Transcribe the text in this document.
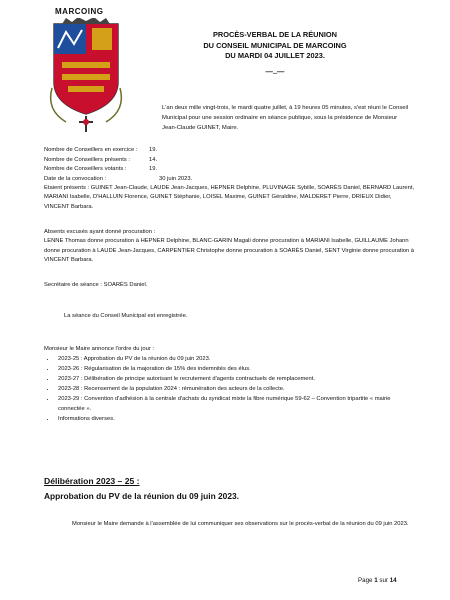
MARCOING
PROCÈS-VERBAL DE LA RÉUNION
DU CONSEIL MUNICIPAL DE MARCOING
DU MARDI 04 JUILLET 2023.
—..—
L'an deux mille vingt-trois, le mardi quatre juillet, à 19 heures 05 minutes, s'est réuni le Conseil Municipal pour une session ordinaire en séance publique, sous la présidence de Monsieur Jean-Claude GUINET, Maire.
Nombre de Conseillers en exercice : 19.
Nombre de Conseillers présents :	14.
Nombre de Conseillers votants :	19.
Date de la convocation :	30 juin 2023.
Etaient présents : GUINET Jean-Claude, LAUDE Jean-Jacques, HEPNER Delphine, PLUVINAGE Sybille, SOARÈS Daniel, BERNARD Laurent, MARIANI Isabelle, D'HALLUIN Florence, GUINET Stéphanie, LOISEL Maxime, GUINET Géraldine, MALDERET Pierre, DRIEUX Didier, VINCENT Barbara.
Absents excusés ayant donné procuration :
LENNE Thomas donne procuration à HEPNER Delphine, BLANC-GARIN Magali donne procuration à MARIANI Isabelle, GUILLAUME Johann donne procuration à LAUDE Jean-Jacques, CARPENTIER Christophe donne procuration à SOARÈS Daniel, SENT Virginie donne procuration à VINCENT Barbara.
Secrétaire de séance : SOARÈS Daniel.
La séance du Conseil Municipal est enregistrée.
Monsieur le Maire annonce l'ordre du jour :
• 2023-25 : Approbation du PV de la réunion du 09 juin 2023.
• 2023-26 : Régularisation de la majoration de 15% des indemnités des élus.
• 2023-27 : Délibération de principe autorisant le recrutement d'agents contractuels de remplacement.
• 2023-28 : Recensement de la population 2024 : rémunération des acteurs de la collecte.
• 2023-29 : Convention d'adhésion à la centrale d'achats du syndicat mixte la fibre numérique 59-62 – Convention tripartite « mairie connectée ».
• Informations diverses.
Délibération 2023 – 25 :
Approbation du PV de la réunion du 09 juin 2023.
Monsieur le Maire demande à l'assemblée de lui communiquer ses observations sur le procès-verbal de la réunion du 09 juin 2023.
Page 1 sur 14
